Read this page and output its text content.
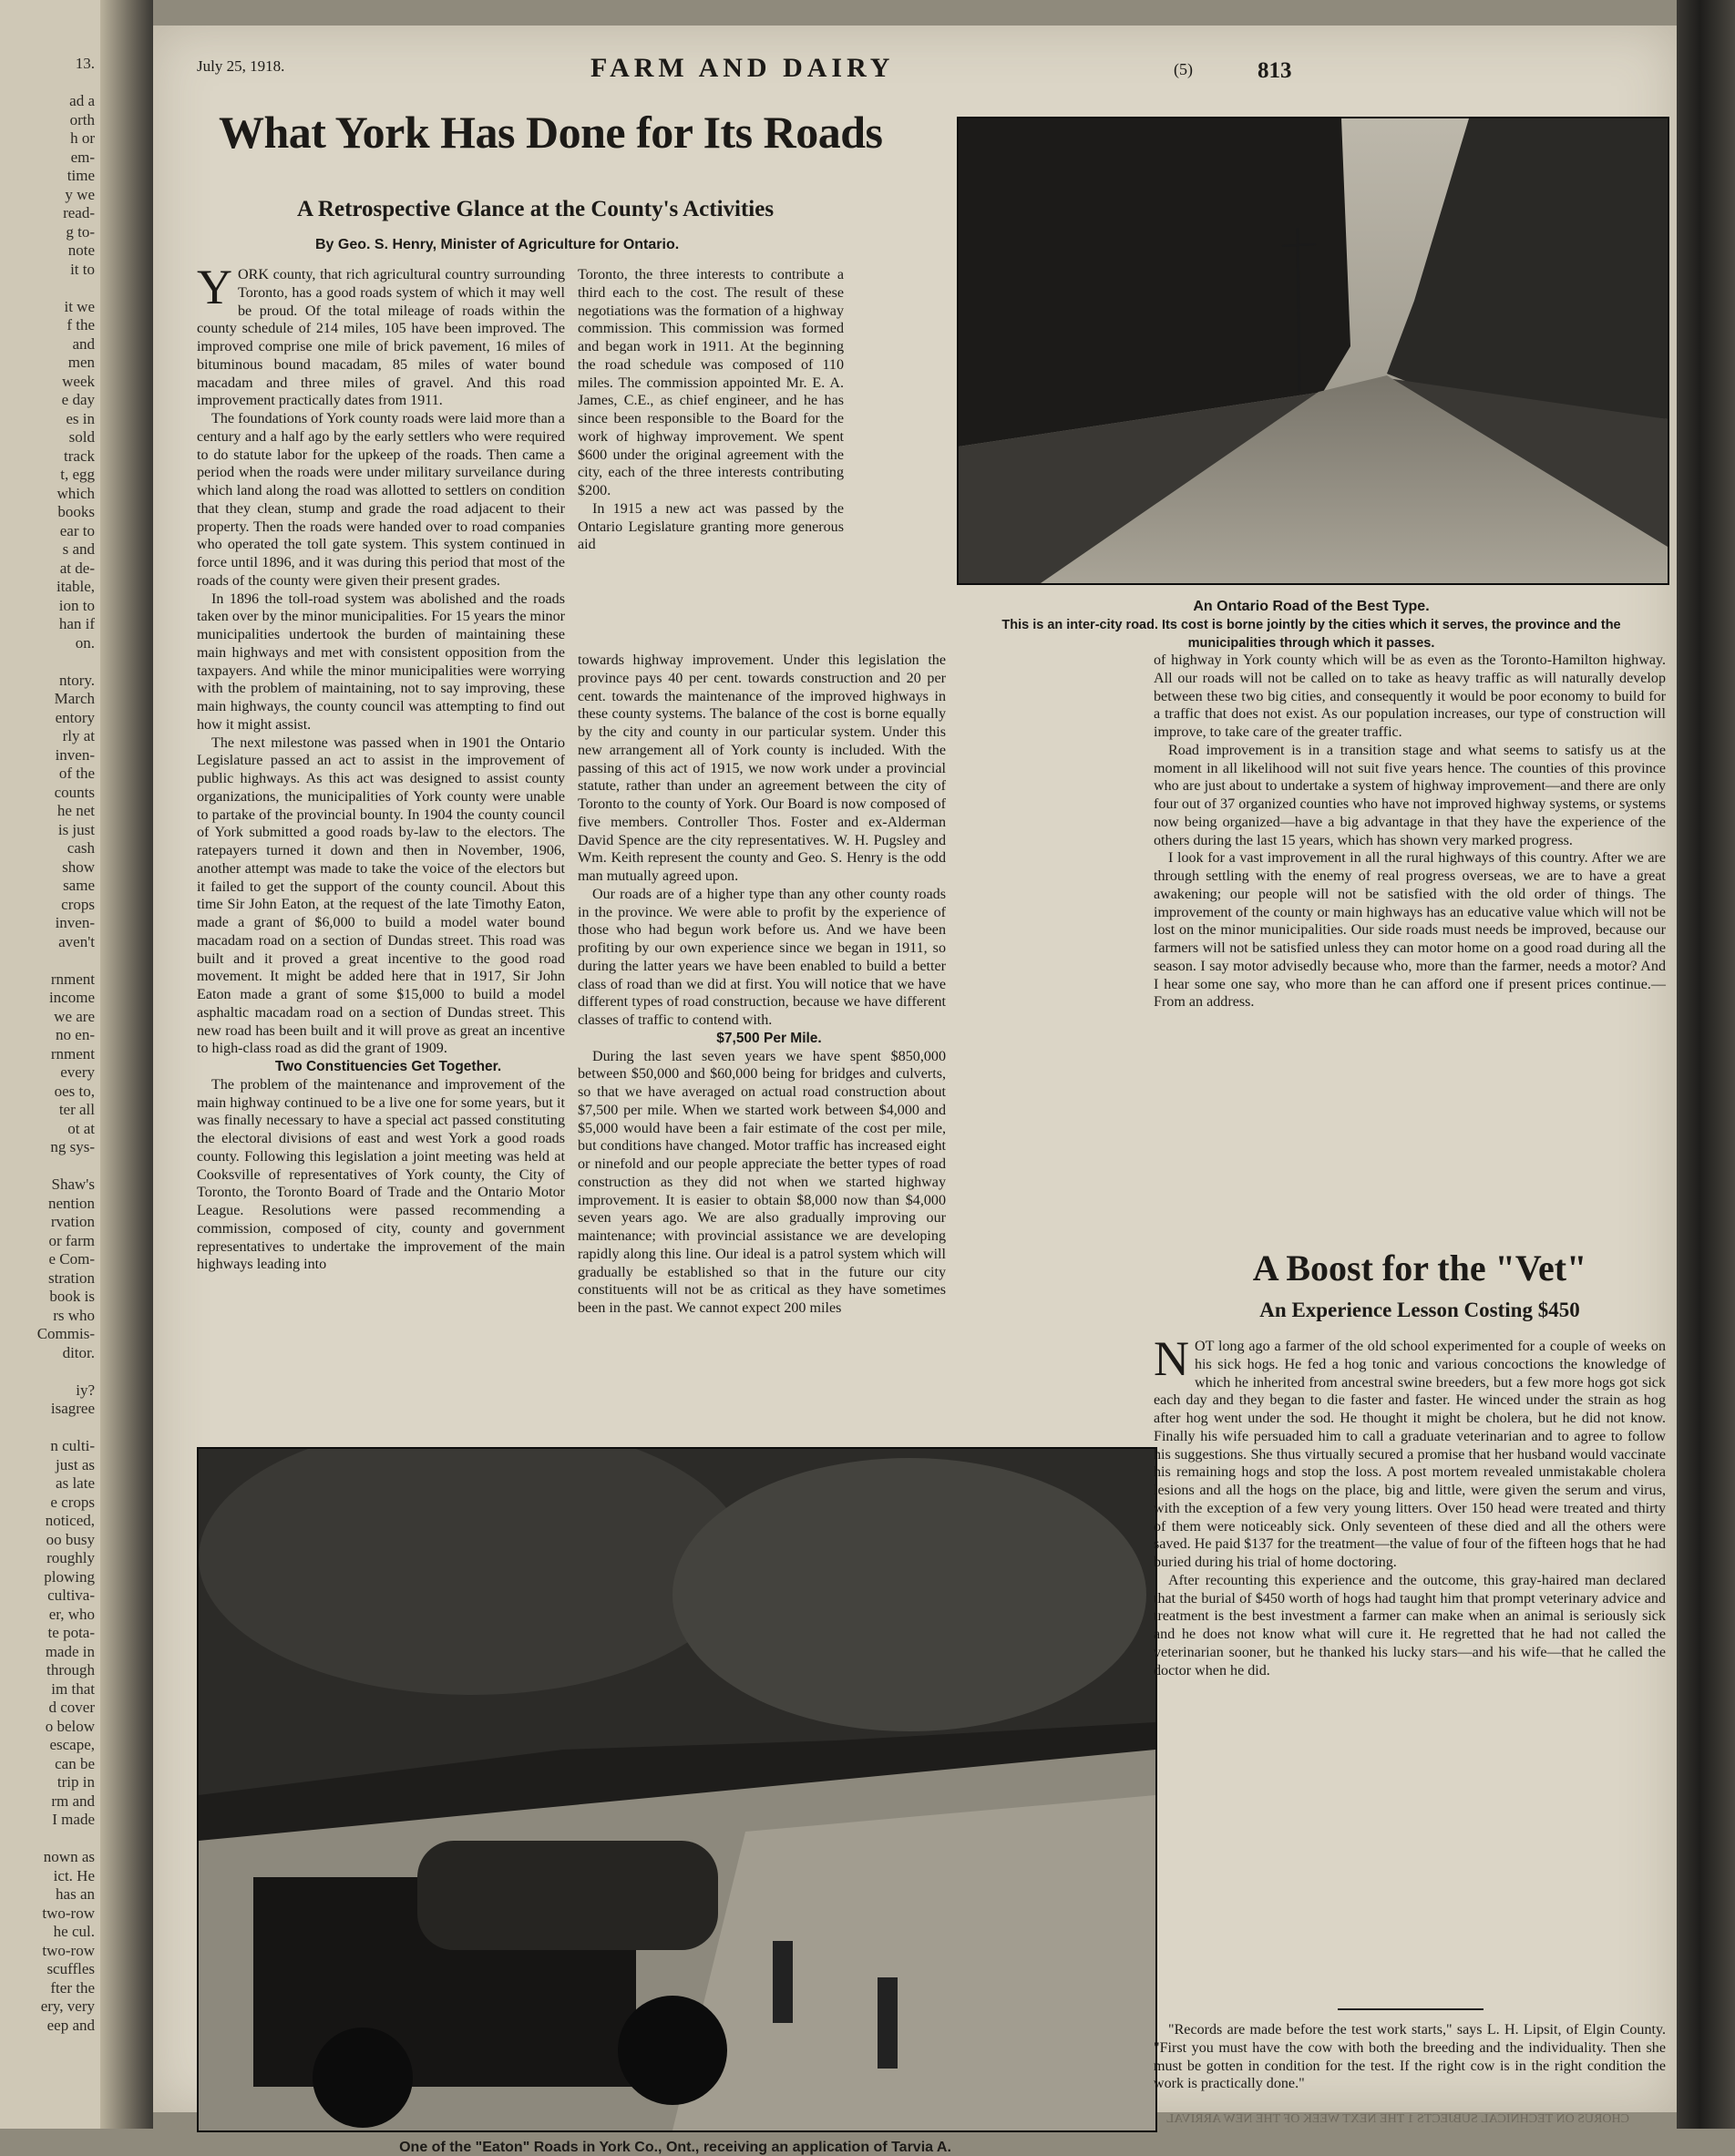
13.
ad a
orth
h or
em-
time
y we
read-
g to-
note
it to
it we
f the
and
men
week
e day
es in
sold
track
t, egg
which
books
ear to
s and
at de-
itable,
ion to
han if
on.
ntory.
March
entory
rly at
inven-
of the
counts
he net
is just
cash
show
same
crops
inven-
aven't
rnment
income
we are
no en-
rnment
every
oes to,
ter all
ot at
ng sys-
Shaw's
nention
rvation
or farm
e Com-
stration
book is
rs who
Commis-
ditor.
iy?
isagree
n culti-
just as
as late
e crops
noticed,
oo busy
roughly
plowing
cultiva-
er, who
te pota-
made in
through
im that
d cover
o below
escape,
can be
trip in
rm and
I made
nown as
ict. He
has an
two-row
he cul.
two-row
scuffles
fter the
ery, very
eep and
July 25, 1918.	FARM AND DAIRY	(5)	813
What York Has Done for Its Roads
A Retrospective Glance at the County's Activities
By Geo. S. Henry, Minister of Agriculture for Ontario.

YORK county, that rich agricultural country surrounding Toronto, has a good roads system of which it may well be proud. Of the total mileage of roads within the county schedule of 214 miles, 105 have been improved. The improved comprise one mile of brick pavement, 16 miles of bituminous bound macadam, 85 miles of water bound macadam and three miles of gravel. And this road improvement practically dates from 1911.

The foundations of York county roads were laid more than a century and a half ago by the early settlers who were required to do statute labor for the upkeep of the roads. Then came a period when the roads were under military surveilance during which land along the road was allotted to settlers on condition that they clean, stump and grade the road adjacent to their property. Then the roads were handed over to road companies who operated the toll gate system. This system continued in force until 1896, and it was during this period that most of the roads of the county were given their present grades.

In 1896 the toll-road system was abolished and the roads taken over by the minor municipalities. For 15 years the minor municipalities undertook the burden of maintaining these main highways and met with consistent opposition from the taxpayers. And while the minor municipalities were worrying with the problem of maintaining, not to say improving, these main highways, the county council was attempting to find out how it might assist.

The next milestone was passed when in 1901 the Ontario Legislature passed an act to assist in the improvement of public highways. As this act was designed to assist county organizations, the municipalities of York county were unable to partake of the provincial bounty. In 1904 the county council of York submitted a good roads by-law to the electors. The ratepayers turned it down and then in November, 1906, another attempt was made to take the voice of the electors but it failed to get the support of the county council. About this time Sir John Eaton, at the request of the late Timothy Eaton, made a grant of $6,000 to build a model water bound macadam road on a section of Dundas street. This road was built and it proved a great incentive to the good road movement. It might be added here that in 1917, Sir John Eaton made a grant of some $15,000 to build a model asphaltic macadam road on a section of Dundas street. This new road has been built and it will prove as great an incentive to high-class road as did the grant of 1909.

Two Constituencies Get Together.

The problem of the maintenance and improvement of the main highway continued to be a live one for some years, but it was finally necessary to have a special act passed constituting the electoral divisions of east and west York a good roads county. Following this legislation a joint meeting was held at Cooksville of representatives of York county, the City of Toronto, the Toronto Board of Trade and the Ontario Motor League. Resolutions were passed recommending a commission, composed of city, county and government representatives to undertake the improvement of the main highways leading into

Toronto, the three interests to contribute a third each to the cost. The result of these negotiations was the formation of a highway commission. This commission was formed and began work in 1911. At the beginning the road schedule was composed of 110 miles. The commission appointed Mr. E. A. James, C.E., as chief engineer, and he has since been responsible to the Board for the work of highway improvement. We spent $600 under the original agreement with the city, each of the three interests contributing $200.

In 1915 a new act was passed by the Ontario Legislature granting more generous aid

towards highway improvement. Under this legislation the province pays 40 per cent. towards construction and 20 per cent. towards the maintenance of the improved highways in these county systems. The balance of the cost is borne equally by the city and county in our particular system. Under this new arrangement all of York county is included. With the passing of this act of 1915, we now work under a provincial statute, rather than under an agreement between the city of Toronto to the county of York. Our Board is now composed of five members. Controller Thos. Foster and ex-Alderman David Spence are the city representatives. W. H. Pugsley and Wm. Keith represent the county and Geo. S. Henry is the odd man mutually agreed upon.

Our roads are of a higher type than any other county roads in the province. We were able to profit by the experience of those who had begun work before us. And we have been profiting by our own experience since we began in 1911, so during the latter years we have been enabled to build a better class of road than we did at first. You will notice that we have different types of road construction, because we have different classes of traffic to contend with.

$7,500 Per Mile.

During the last seven years we have spent $850,000 between $50,000 and $60,000 being for bridges and culverts, so that we have averaged on actual road construction about $7,500 per mile. When we started work between $4,000 and $5,000 would have been a fair estimate of the cost per mile, but conditions have changed. Motor traffic has increased eight or ninefold and our people appreciate the better types of road construction as they did not when we started highway improvement. It is easier to obtain $8,000 now than $4,000 seven years ago. We are also gradually improving our maintenance; with provincial assistance we are developing rapidly along this line. Our ideal is a patrol system which will gradually be established so that in the future our city constituents will not be as critical as they have sometimes been in the past. We cannot expect 200 miles

of highway in York county which will be as even as the Toronto-Hamilton highway. All our roads will not be called on to take as heavy traffic as will naturally develop between these two big cities, and consequently it would be poor economy to build for a traffic that does not exist. As our population increases, our type of construction will improve, to take care of the greater traffic.

Road improvement is in a transition stage and what seems to satisfy us at the moment in all likelihood will not suit five years hence. The counties of this province who are just about to undertake a system of highway improvement—and there are only four out of 37 organized counties who have not improved highway systems, or systems now being organized—have a big advantage in that they have the experience of the others during the last 15 years, which has shown very marked progress.

I look for a vast improvement in all the rural highways of this country. After we are through settling with the enemy of real progress overseas, we are to have a great awakening; our people will not be satisfied with the old order of things. The improvement of the county or main highways has an educative value which will not be lost on the minor municipalities. Our side roads must needs be improved, because our farmers will not be satisfied unless they can motor home on a good road during all the season. I say motor advisedly because who, more than the farmer, needs a motor? And I hear some one say, who more than he can afford one if present prices continue.—From an address.

An Ontario Road of the Best Type.
This is an inter-city road. Its cost is borne jointly by the cities which it serves, the province and the municipalities through which it passes.
One of the "Eaton" Roads in York Co., Ont., receiving an application of Tarvia A.
A Boost for the "Vet"
An Experience Lesson Costing $450

NOT long ago a farmer of the old school experimented for a couple of weeks on his sick hogs. He fed a hog tonic and various concoctions the knowledge of which he inherited from ancestral swine breeders, but a few more hogs got sick each day and they began to die faster and faster. He winced under the strain as hog after hog went under the sod. He thought it might be cholera, but he did not know. Finally his wife persuaded him to call a graduate veterinarian and to agree to follow his suggestions. She thus virtually secured a promise that her husband would vaccinate his remaining hogs and stop the loss. A post mortem revealed unmistakable cholera lesions and all the hogs on the place, big and little, were given the serum and virus, with the exception of a few very young litters. Over 150 head were treated and thirty of them were noticeably sick. Only seventeen of these died and all the others were saved. He paid $137 for the treatment—the value of four of the fifteen hogs that he had buried during his trial of home doctoring.

After recounting this experience and the outcome, this gray-haired man declared that the burial of $450 worth of hogs had taught him that prompt veterinary advice and treatment is the best investment a farmer can make when an animal is seriously sick and he does not know what will cure it. He regretted that he had not called the veterinarian sooner, but he thanked his lucky stars—and his wife—that he called the doctor when he did.

"Records are made before the test work starts," says L. H. Lipsit, of Elgin County. "First you must have the cow with both the breeding and the individuality. Then she must be gotten in condition for the test. If the right cow is in the right condition the work is practically done."

CHORUS ON TECHNICAL SUBJECTS 1 THE NEXT WEEK OF THE NEW ARRIVAL
